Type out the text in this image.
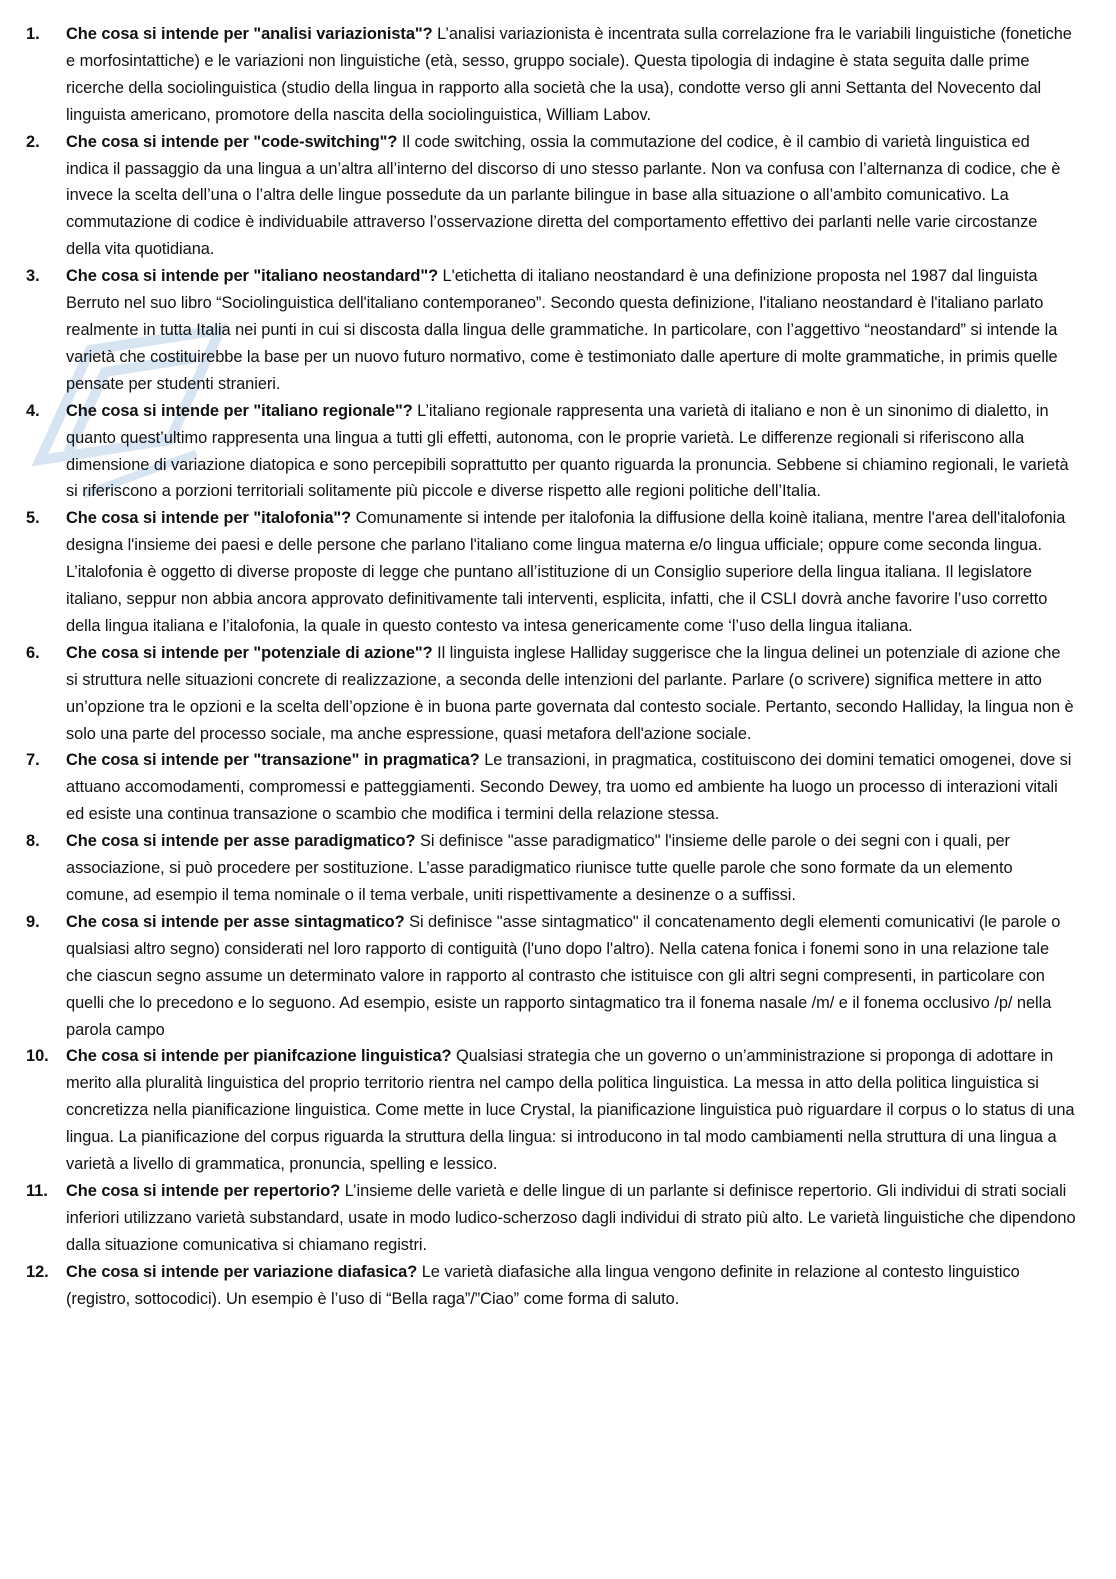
1.	Che cosa si intende per "analisi variazionista"? L’analisi variazionista è incentrata sulla correlazione fra le variabili linguistiche (fonetiche e morfosintattiche) e le variazioni non linguistiche (età, sesso, gruppo sociale). Questa tipologia di indagine è stata seguita dalle prime ricerche della sociolinguistica (studio della lingua in rapporto alla società che la usa), condotte verso gli anni Settanta del Novecento dal linguista americano, promotore della nascita della sociolinguistica, William Labov.
2.	Che cosa si intende per "code-switching"? Il code switching, ossia la commutazione del codice, è il cambio di varietà linguistica ed indica il passaggio da una lingua a un’altra all’interno del discorso di uno stesso parlante. Non va confusa con l’alternanza di codice, che è invece la scelta dell’una o l’altra delle lingue possedute da un parlante bilingue in base alla situazione o all’ambito comunicativo. La commutazione di codice è individuabile attraverso l’osservazione diretta del comportamento effettivo dei parlanti nelle varie circostanze della vita quotidiana.
3.	Che cosa si intende per "italiano neostandard"? L'etichetta di italiano neostandard è una definizione proposta nel 1987 dal linguista Berruto nel suo libro “Sociolinguistica dell'italiano contemporaneo”. Secondo questa definizione, l'italiano neostandard è l'italiano parlato realmente in tutta Italia nei punti in cui si discosta dalla lingua delle grammatiche. In particolare, con l’aggettivo “neostandard” si intende la varietà che costituirebbe la base per un nuovo futuro normativo, come è testimoniato dalle aperture di molte grammatiche, in primis quelle pensate per studenti stranieri.
4.	Che cosa si intende per "italiano regionale"? L’italiano regionale rappresenta una varietà di italiano e non è un sinonimo di dialetto, in quanto quest’ultimo rappresenta una lingua a tutti gli effetti, autonoma, con le proprie varietà. Le differenze regionali si riferiscono alla dimensione di variazione diatopica e sono percepibili soprattutto per quanto riguarda la pronuncia. Sebbene si chiamino regionali, le varietà si riferiscono a porzioni territoriali solitamente più piccole e diverse rispetto alle regioni politiche dell’Italia.
5.	Che cosa si intende per "italofonia"? Comunamente si intende per italofonia la diffusione della koinè italiana, mentre l'area dell'italofonia designa l'insieme dei paesi e delle persone che parlano l'italiano come lingua materna e/o lingua ufficiale; oppure come seconda lingua. L’italofonia è oggetto di diverse proposte di legge che puntano all’istituzione di un Consiglio superiore della lingua italiana. Il legislatore italiano, seppur non abbia ancora approvato definitivamente tali interventi, esplicita, infatti, che il CSLI dovrà anche favorire l’uso corretto della lingua italiana e l’italofonia, la quale in questo contesto va intesa genericamente come ‘l’uso della lingua italiana.
6.	Che cosa si intende per "potenziale di azione"? Il linguista inglese Halliday suggerisce che la lingua delinei un potenziale di azione che si struttura nelle situazioni concrete di realizzazione, a seconda delle intenzioni del parlante. Parlare (o scrivere) significa mettere in atto un’opzione tra le opzioni e la scelta dell’opzione è in buona parte governata dal contesto sociale. Pertanto, secondo Halliday, la lingua non è solo una parte del processo sociale, ma anche espressione, quasi metafora dell'azione sociale.
7.	Che cosa si intende per "transazione" in pragmatica? Le transazioni, in pragmatica, costituiscono dei domini tematici omogenei, dove si attuano accomodamenti, compromessi e patteggiamenti. Secondo Dewey, tra uomo ed ambiente ha luogo un processo di interazioni vitali ed esiste una continua transazione o scambio che modifica i termini della relazione stessa.
8.	Che cosa si intende per asse paradigmatico? Si definisce "asse paradigmatico" l'insieme delle parole o dei segni con i quali, per associazione, si può procedere per sostituzione. L’asse paradigmatico riunisce tutte quelle parole che sono formate da un elemento comune, ad esempio il tema nominale o il tema verbale, uniti rispettivamente a desinenze o a suffissi.
9.	Che cosa si intende per asse sintagmatico? Si definisce "asse sintagmatico" il concatenamento degli elementi comunicativi (le parole o qualsiasi altro segno) considerati nel loro rapporto di contiguità (l'uno dopo l'altro). Nella catena fonica i fonemi sono in una relazione tale che ciascun segno assume un determinato valore in rapporto al contrasto che istituisce con gli altri segni compresenti, in particolare con quelli che lo precedono e lo seguono. Ad esempio, esiste un rapporto sintagmatico tra il fonema nasale /m/ e il fonema occlusivo /p/ nella parola campo
10.	Che cosa si intende per pianifcazione linguistica? Qualsiasi strategia che un governo o un’amministrazione si proponga di adottare in merito alla pluralità linguistica del proprio territorio rientra nel campo della politica linguistica. La messa in atto della politica linguistica si concretizza nella pianificazione linguistica. Come mette in luce Crystal, la pianificazione linguistica può riguardare il corpus o lo status di una lingua. La pianificazione del corpus riguarda la struttura della lingua: si introducono in tal modo cambiamenti nella struttura di una lingua a varietà a livello di grammatica, pronuncia, spelling e lessico.
11.	Che cosa si intende per repertorio? L’insieme delle varietà e delle lingue di un parlante si definisce repertorio. Gli individui di strati sociali inferiori utilizzano varietà substandard, usate in modo ludico-scherzoso dagli individui di strato più alto. Le varietà linguistiche che dipendono dalla situazione comunicativa si chiamano registri.
12.	Che cosa si intende per variazione diafasica? Le varietà diafasiche alla lingua vengono definite in relazione al contesto linguistico (registro, sottocodici). Un esempio è l’uso di “Bella raga”/”Ciao” come forma di saluto.
